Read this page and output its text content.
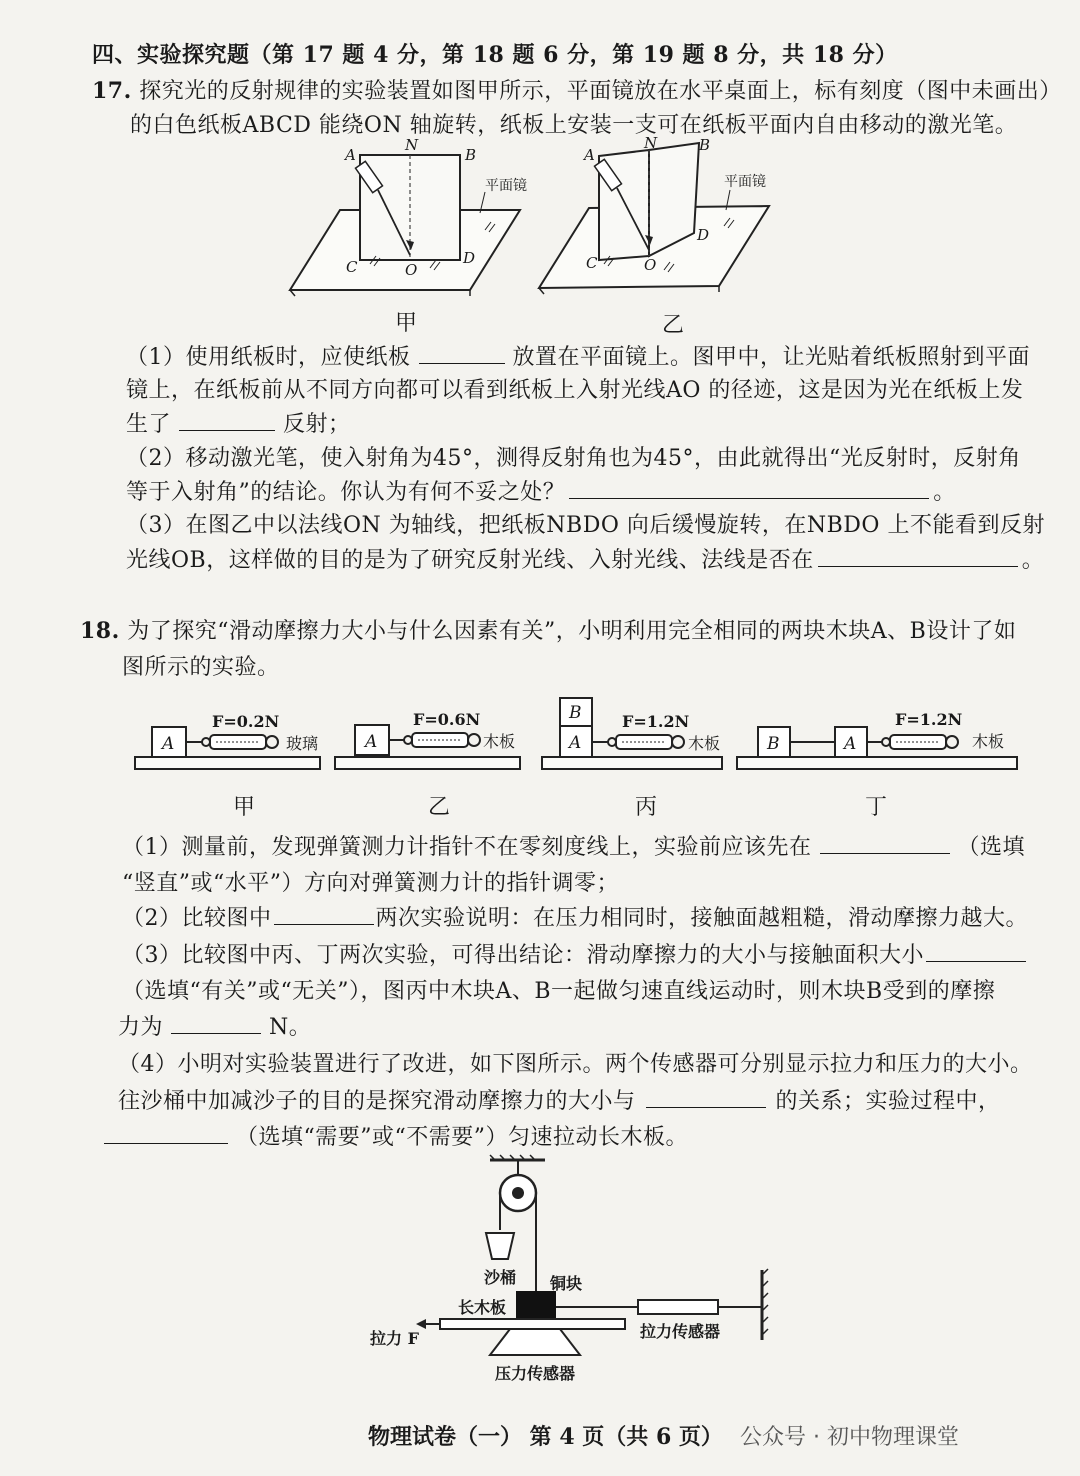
四、实验探究题（第 17 题 4 分，第 18 题 6 分，第 19 题 8 分，共 18 分）
17. 探究光的反射规律的实验装置如图甲所示，平面镜放在水平桌面上，标有刻度（图中未画出）
的白色纸板ABCD 能绕ON 轴旋转，纸板上安装一支可在纸板平面内自由移动的激光笔。
A
N
B
C	O
D
平面镜
甲
A
N	B
C	O
D
平面镜
乙
（1）使用纸板时，应使纸板	放置在平面镜上。图甲中，让光贴着纸板照射到平面
镜上，在纸板前从不同方向都可以看到纸板上入射光线AO 的径迹，这是因为光在纸板上发
生了	反射；
（2）移动激光笔，使入射角为45°，测得反射角也为45°，由此就得出“光反射时，反射角
等于入射角”的结论。你认为有何不妥之处？	。
（3）在图乙中以法线ON 为轴线，把纸板NBDO 向后缓慢旋转，在NBDO 上不能看到反射
光线OB，这样做的目的是为了研究反射光线、入射光线、法线是否在	。
18. 为了探究“滑动摩擦力大小与什么因素有关”，小明利用完全相同的两块木块A、B设计了如
图所示的实验。
A
F=0.2N
玻璃	A
F=0.6N
木板
B
A
F=1.2N
木板	B	A
F=1.2N
木板
甲	乙	丙	丁
（1）测量前，发现弹簧测力计指针不在零刻度线上，实验前应该先在	（选填
“竖直”或“水平”）方向对弹簧测力计的指针调零；
（2）比较图中	两次实验说明：在压力相同时，接触面越粗糙，滑动摩擦力越大。
（3）比较图中丙、丁两次实验，可得出结论：滑动摩擦力的大小与接触面积大小
（选填“有关”或“无关”），图丙中木块A、B一起做匀速直线运动时，则木块B受到的摩擦
力为	N。
（4）小明对实验装置进行了改进，如下图所示。两个传感器可分别显示拉力和压力的大小。
往沙桶中加减沙子的目的是探究滑动摩擦力的大小与	的关系；实验过程中，
（选填“需要”或“不需要”）匀速拉动长木板。
沙桶 铜块
长木板
拉力 F	拉力传感器
压力传感器
物理试卷（一） 第 4 页（共 6 页） 公众号 · 初中物理课堂
